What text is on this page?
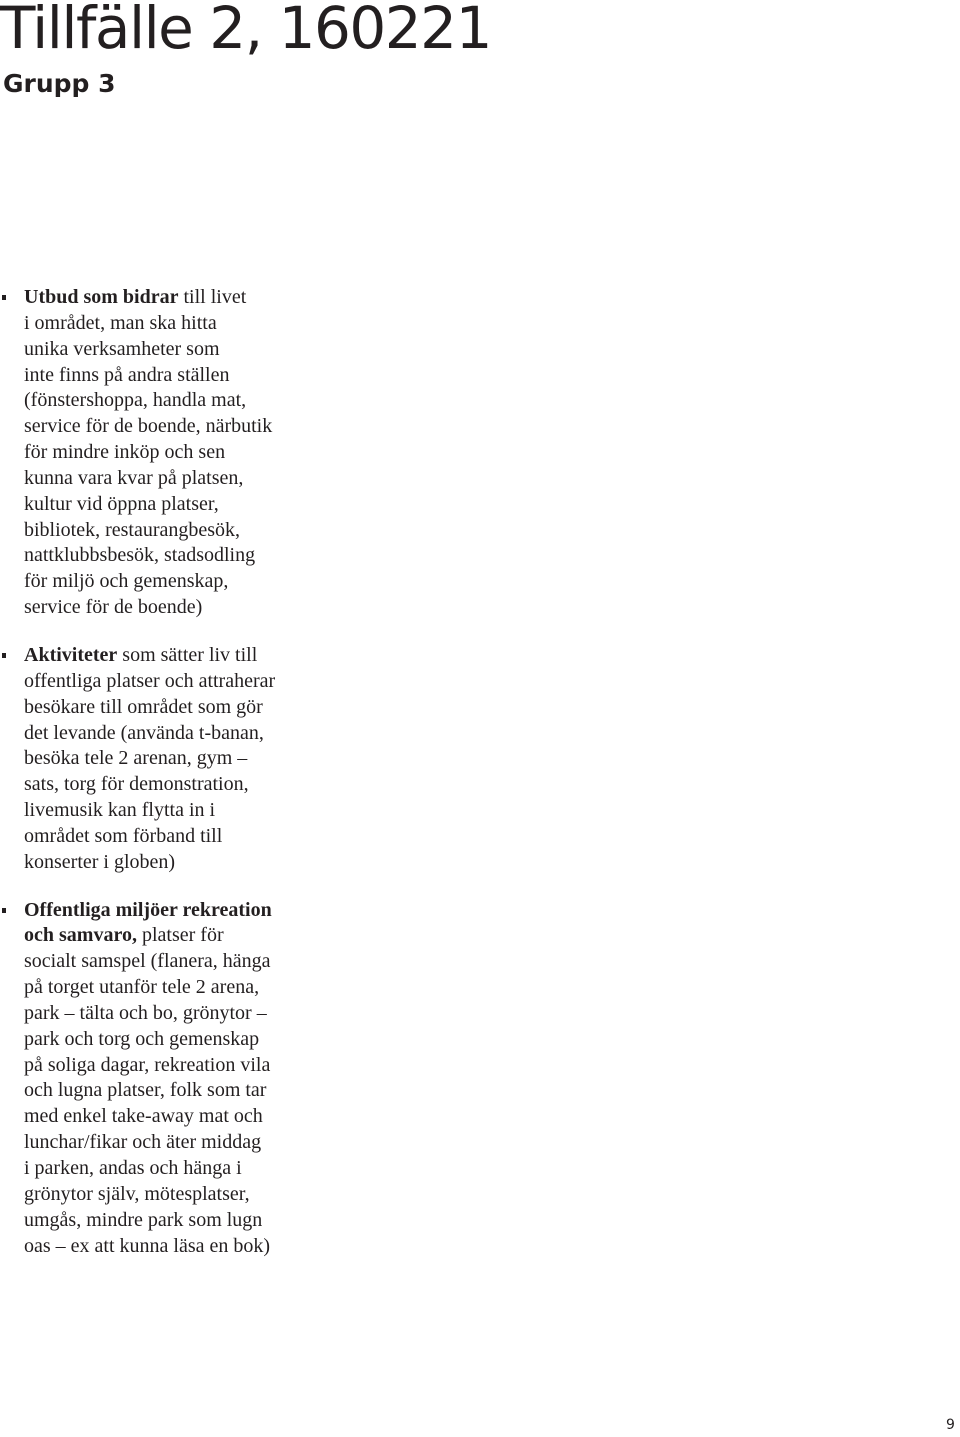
Tillfälle 2, 160221
Grupp 3
Utbud som bidrar till livet
i området, man ska hitta
unika verksamheter som
inte finns på andra ställen
(fönstershoppa, handla mat,
service för de boende, närbutik
för mindre inköp och sen
kunna vara kvar på platsen,
kultur vid öppna platser,
bibliotek, restaurangbesök,
nattklubbsbesök, stadsodling
för miljö och gemenskap,
service för de boende)
Aktiviteter som sätter liv till
offentliga platser och attraherar
besökare till området som gör
det levande (använda t-banan,
besöka tele 2 arenan, gym –
sats, torg för demonstration,
livemusik kan flytta in i
området som förband till
konserter i globen)
Offentliga miljöer rekreation
och samvaro, platser för
socialt samspel (flanera, hänga
på torget utanför tele 2 arena,
park – tälta och bo, grönytor –
park och torg och gemenskap
på soliga dagar, rekreation vila
och lugna platser, folk som tar
med enkel take-away mat och
lunchar/fikar och äter middag
i parken, andas och hänga i
grönytor själv, mötesplatser,
umgås, mindre park som lugn
oas – ex att kunna läsa en bok)
9
